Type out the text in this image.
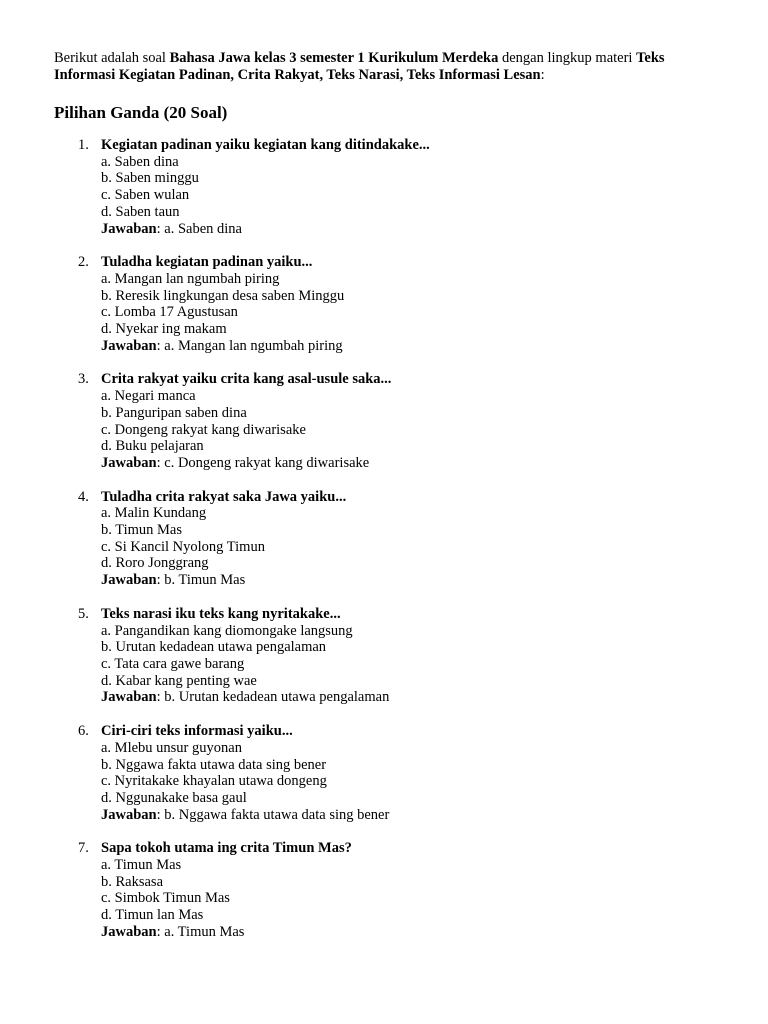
Berikut adalah soal Bahasa Jawa kelas 3 semester 1 Kurikulum Merdeka dengan lingkup materi Teks Informasi Kegiatan Padinan, Crita Rakyat, Teks Narasi, Teks Informasi Lesan:

Pilihan Ganda (20 Soal)
1. Kegiatan padinan yaiku kegiatan kang ditindakake...
a. Saben dina
b. Saben minggu
c. Saben wulan
d. Saben taun
Jawaban: a. Saben dina
2. Tuladha kegiatan padinan yaiku...
a. Mangan lan ngumbah piring
b. Reresik lingkungan desa saben Minggu
c. Lomba 17 Agustusan
d. Nyekar ing makam
Jawaban: a. Mangan lan ngumbah piring
3. Crita rakyat yaiku crita kang asal-usule saka...
a. Negari manca
b. Panguripan saben dina
c. Dongeng rakyat kang diwarisake
d. Buku pelajaran
Jawaban: c. Dongeng rakyat kang diwarisake
4. Tuladha crita rakyat saka Jawa yaiku...
a. Malin Kundang
b. Timun Mas
c. Si Kancil Nyolong Timun
d. Roro Jonggrang
Jawaban: b. Timun Mas
5. Teks narasi iku teks kang nyritakake...
a. Pangandikan kang diomongake langsung
b. Urutan kedadean utawa pengalaman
c. Tata cara gawe barang
d. Kabar kang penting wae
Jawaban: b. Urutan kedadean utawa pengalaman
6. Ciri-ciri teks informasi yaiku...
a. Mlebu unsur guyonan
b. Nggawa fakta utawa data sing bener
c. Nyritakake khayalan utawa dongeng
d. Nggunakake basa gaul
Jawaban: b. Nggawa fakta utawa data sing bener
7. Sapa tokoh utama ing crita Timun Mas?
a. Timun Mas
b. Raksasa
c. Simbok Timun Mas
d. Timun lan Mas
Jawaban: a. Timun Mas
